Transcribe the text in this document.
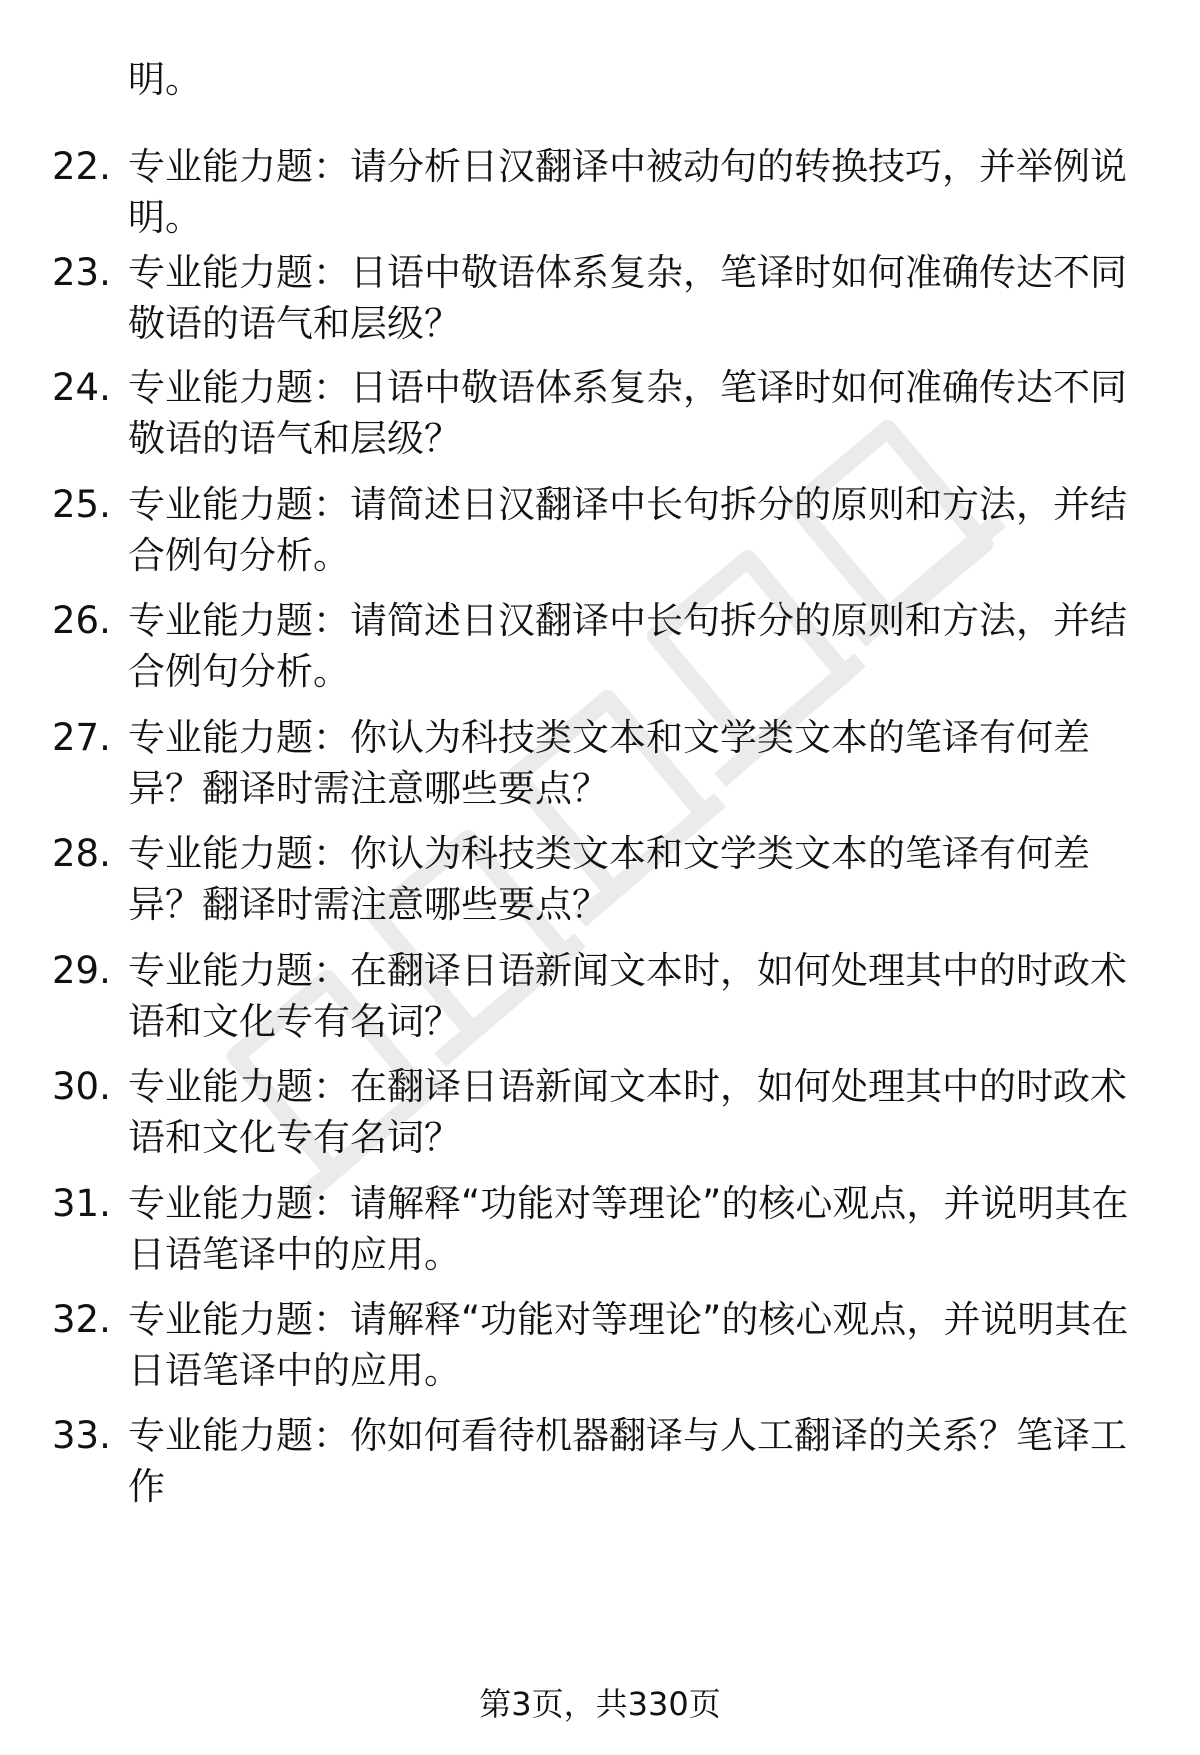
明。
22. 专业能力题：请分析日汉翻译中被动句的转换技巧，并举例说明。
23. 专业能力题：日语中敬语体系复杂，笔译时如何准确传达不同敬语的语气和层级？
24. 专业能力题：日语中敬语体系复杂，笔译时如何准确传达不同敬语的语气和层级？
25. 专业能力题：请简述日汉翻译中长句拆分的原则和方法，并结合例句分析。
26. 专业能力题：请简述日汉翻译中长句拆分的原则和方法，并结合例句分析。
27. 专业能力题：你认为科技类文本和文学类文本的笔译有何差异？翻译时需注意哪些要点？
28. 专业能力题：你认为科技类文本和文学类文本的笔译有何差异？翻译时需注意哪些要点？
29. 专业能力题：在翻译日语新闻文本时，如何处理其中的时政术语和文化专有名词？
30. 专业能力题：在翻译日语新闻文本时，如何处理其中的时政术语和文化专有名词？
31. 专业能力题：请解释“功能对等理论”的核心观点，并说明其在日语笔译中的应用。
32. 专业能力题：请解释“功能对等理论”的核心观点，并说明其在日语笔译中的应用。
33. 专业能力题：你如何看待机器翻译与人工翻译的关系？笔译工作
第3页，共330页
